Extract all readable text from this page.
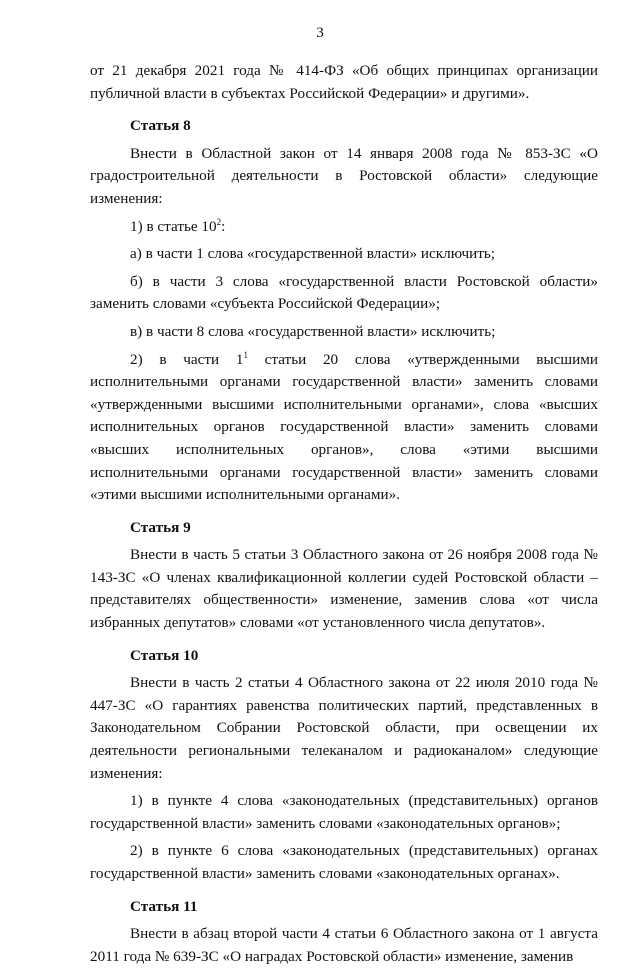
3

от 21 декабря 2021 года № 414-ФЗ «Об общих принципах организации публичной власти в субъектах Российской Федерации» и другими».

Статья 8

Внести в Областной закон от 14 января 2008 года № 853-ЗС «О градостроительной деятельности в Ростовской области» следующие изменения:

1) в статье $10^2$:

а) в части 1 слова «государственной власти» исключить;

б) в части 3 слова «государственной власти Ростовской области» заменить словами «субъекта Российской Федерации»;

в) в части 8 слова «государственной власти» исключить;

2) в части $1^1$ статьи 20 слова «утвержденными высшими исполнительными органами государственной власти» заменить словами «утвержденными высшими исполнительными органами», слова «высших исполнительных органов государственной власти» заменить словами «высших исполнительных органов», слова «этими высшими исполнительными органами государственной власти» заменить словами «этими высшими исполнительными органами».

Статья 9

Внести в часть 5 статьи 3 Областного закона от 26 ноября 2008 года № 143-ЗС «О членах квалификационной коллегии судей Ростовской области – представителях общественности» изменение, заменив слова «от числа избранных депутатов» словами «от установленного числа депутатов».

Статья 10

Внести в часть 2 статьи 4 Областного закона от 22 июля 2010 года № 447-ЗС «О гарантиях равенства политических партий, представленных в Законодательном Собрании Ростовской области, при освещении их деятельности региональными телеканалом и радиоканалом» следующие изменения:

1) в пункте 4 слова «законодательных (представительных) органов государственной власти» заменить словами «законодательных органов»;

2) в пункте 6 слова «законодательных (представительных) органах государственной власти» заменить словами «законодательных органах».

Статья 11

Внести в абзац второй части 4 статьи 6 Областного закона от 1 августа 2011 года № 639-ЗС «О наградах Ростовской области» изменение, заменив
